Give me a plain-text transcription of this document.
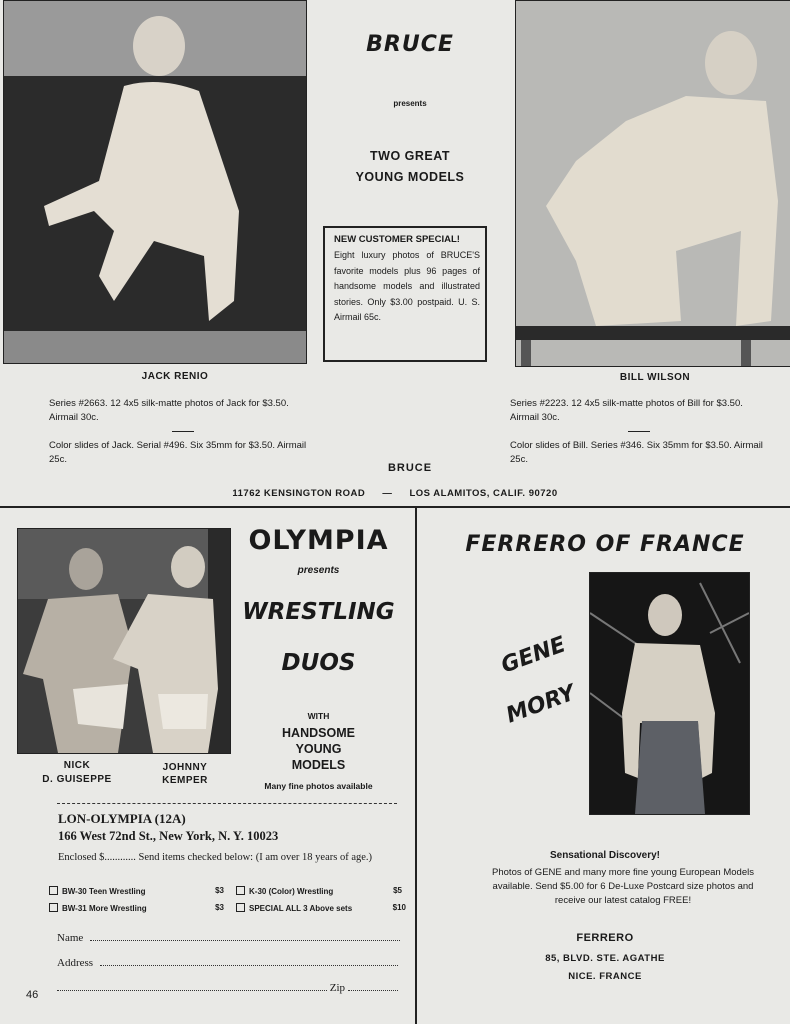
BRUCE
presents
TWO GREAT
YOUNG MODELS
NEW CUSTOMER SPECIAL!
Eight luxury photos of BRUCE'S favorite models plus 96 pages of handsome models and illustrated stories. Only $3.00 postpaid. U. S. Airmail 65c.
JACK RENIO	BILL WILSON
Series #2663. 12 4x5 silk-matte photos of Jack for $3.50. Airmail 30c.
Color slides of Jack. Serial #496. Six 35mm for $3.50. Airmail 25c.
Series #2223. 12 4x5 silk-matte photos of Bill for $3.50. Airmail 30c.
Color slides of Bill. Series #346. Six 35mm for $3.50. Airmail 25c.
BRUCE
11762 KENSINGTON ROAD — LOS ALAMITOS, CALIF. 90720
OLYMPIA
presents
WRESTLING
DUOS
WITH
HANDSOME
YOUNG
MODELS
Many fine photos available
NICK
D. GUISEPPE
JOHNNY
KEMPER
LON-OLYMPIA (12A)
166 West 72nd St., New York, N. Y. 10023
Enclosed $............ Send items checked below: (I am over 18 years of age.)
BW-30 Teen Wrestling	$3	K-30 (Color) Wrestling	$5
BW-31 More Wrestling	$3	SPECIAL ALL 3 Above sets	$10
Name
Address
Zip
46
FERRERO OF FRANCE
GENE
MORY
Sensational Discovery!
Photos of GENE and many more fine young European Models available. Send $5.00 for 6 De-Luxe Postcard size photos and receive our latest catalog FREE!
FERRERO
85, BLVD. STE. AGATHE
NICE. FRANCE
